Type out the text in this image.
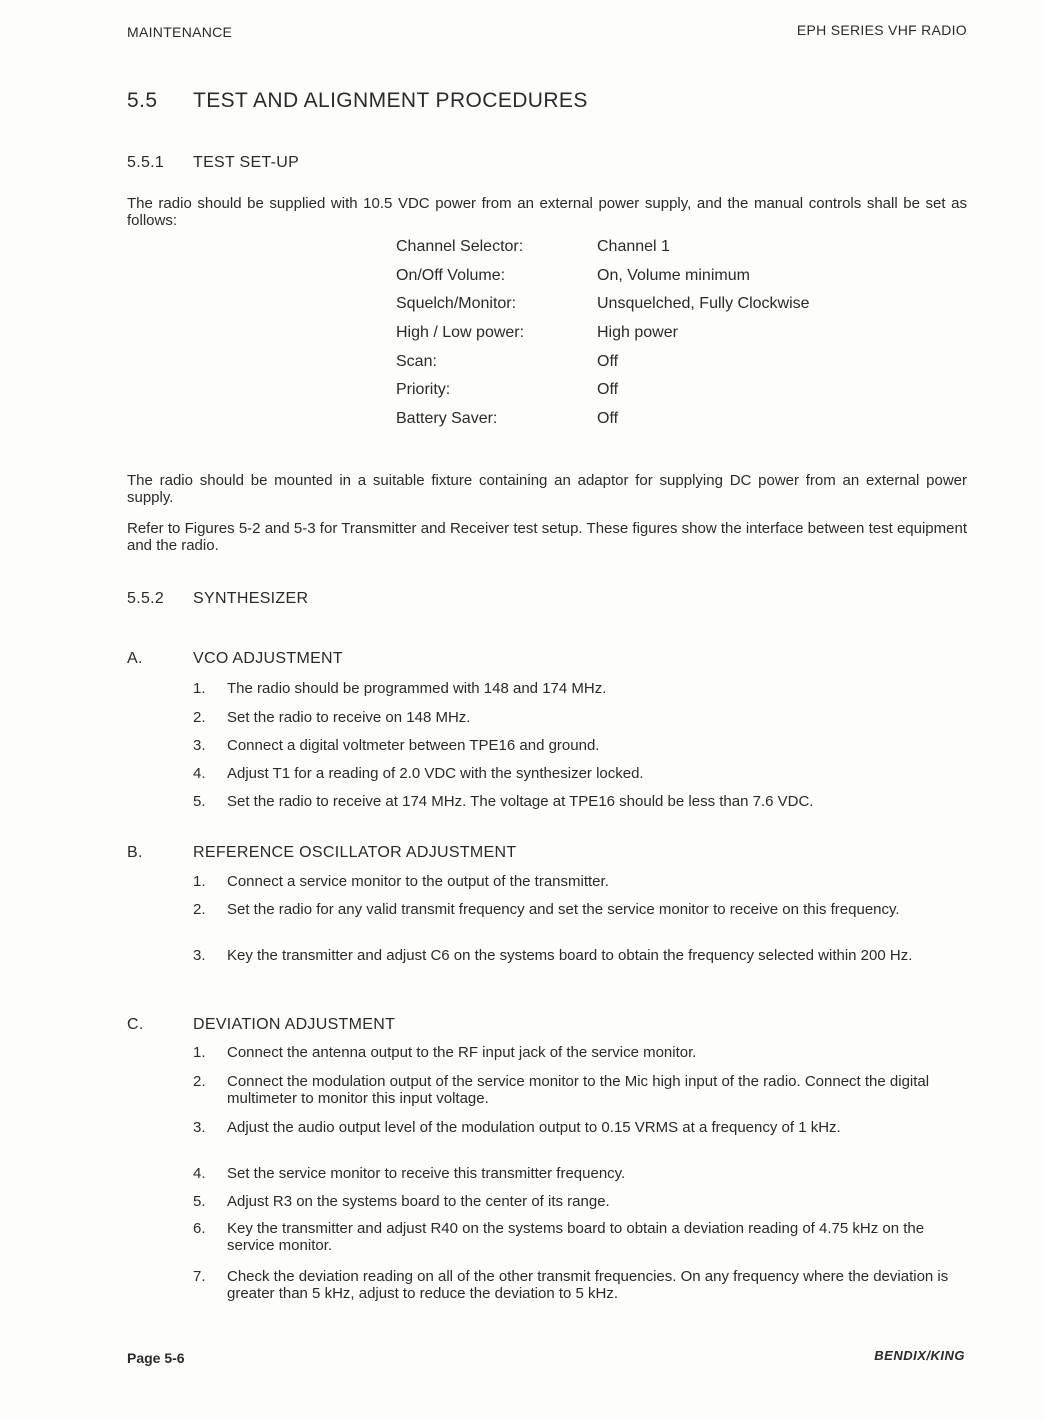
MAINTENANCE	EPH SERIES VHF RADIO
5.5 TEST AND ALIGNMENT PROCEDURES
5.5.1 TEST SET-UP
The radio should be supplied with 10.5 VDC power from an external power supply, and the manual controls shall be set as follows:
Channel Selector:	Channel 1
On/Off Volume:	On, Volume minimum
Squelch/Monitor:	Unsquelched, Fully Clockwise
High / Low power:	High power
Scan:	Off
Priority:	Off
Battery Saver:	Off
The radio should be mounted in a suitable fixture containing an adaptor for supplying DC power from an external power supply.
Refer to Figures 5-2 and 5-3 for Transmitter and Receiver test setup. These figures show the interface between test equipment and the radio.
5.5.2 SYNTHESIZER
A.	VCO ADJUSTMENT
1.	The radio should be programmed with 148 and 174 MHz.
2.	Set the radio to receive on 148 MHz.
3.	Connect a digital voltmeter between TPE16 and ground.
4.	Adjust T1 for a reading of 2.0 VDC with the synthesizer locked.
5.	Set the radio to receive at 174 MHz. The voltage at TPE16 should be less than 7.6 VDC.
B.	REFERENCE OSCILLATOR ADJUSTMENT
1.	Connect a service monitor to the output of the transmitter.
2.	Set the radio for any valid transmit frequency and set the service monitor to receive on this frequency.
3.	Key the transmitter and adjust C6 on the systems board to obtain the frequency selected within 200 Hz.
C.	DEVIATION ADJUSTMENT
1.	Connect the antenna output to the RF input jack of the service monitor.
2.	Connect the modulation output of the service monitor to the Mic high input of the radio. Connect the digital multimeter to monitor this input voltage.
3.	Adjust the audio output level of the modulation output to 0.15 VRMS at a frequency of 1 kHz.
4.	Set the service monitor to receive this transmitter frequency.
5.	Adjust R3 on the systems board to the center of its range.
6.	Key the transmitter and adjust R40 on the systems board to obtain a deviation reading of 4.75 kHz on the service monitor.
7.	Check the deviation reading on all of the other transmit frequencies. On any frequency where the deviation is greater than 5 kHz, adjust to reduce the deviation to 5 kHz.
Page 5-6	BENDIX/KING
